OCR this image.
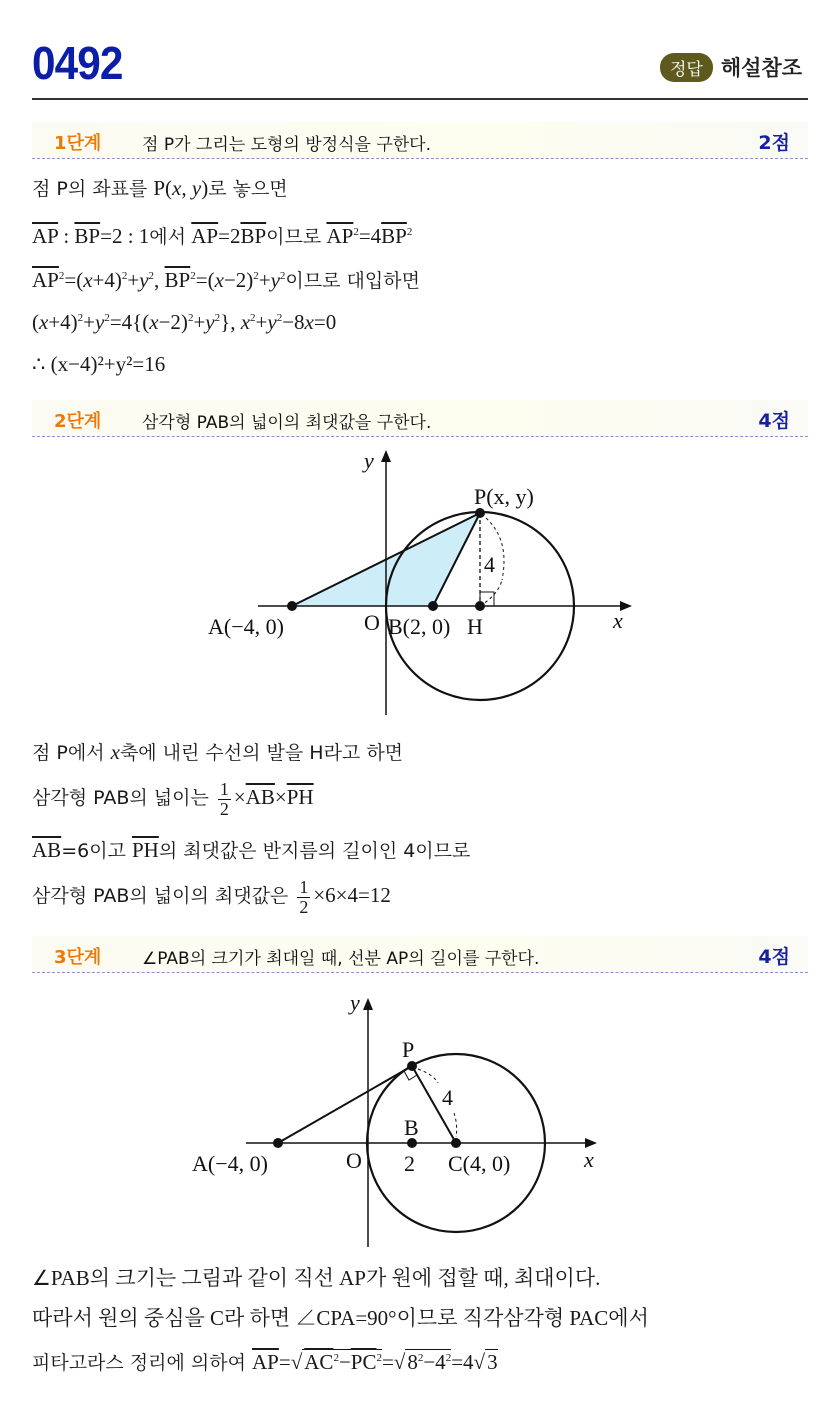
0492	정답 해설참조
1단계 점 P가 그리는 도형의 방정식을 구한다.	2점
점 P의 좌표를 P(x, y)로 놓으면
$\overline{AP}$ : $\overline{BP}=2$ : 1에서 $\overline{AP}=2\overline{BP}$이므로 $\overline{AP}^2=4\overline{BP}^2$
$\overline{AP}^2=(x+4)^2+y^2$, $\overline{BP}^2=(x-2)^2+y^2$이므로 대입하면
$(x+4)^2+y^2=4\{(x-2)^2+y^2\}$, $x^2+y^2-8x=0$
∴ (x−4)²+y²=16
2단계 삼각형 PAB의 넓이의 최댓값을 구한다.	4점
y
x
P(x, y)
A(−4, 0)	O B(2, 0) H
4
점 P에서 x축에 내린 수선의 발을 H라고 하면
삼각형 PAB의 넓이는 $\frac{1}{2} \times\overline{AB}\times\overline{PH}$
$\overline{AB}=6$이고 $\overline{PH}$의 최댓값은 반지름의 길이인 4이므로
삼각형 PAB의 넓이의 최댓값은 $\frac{1}{2} \times 6\times 4=12$
3단계 ∠PAB의 크기가 최대일 때, 선분 AP의 길이를 구한다.	4점
y
x
P
A(−4, 0)	O
B
2 C(4, 0)
4
∠PAB의 크기는 그림과 같이 직선 AP가 원에 접할 때, 최대이다.
따라서 원의 중심을 C라 하면 ∠CPA=90°이므로 직각삼각형 PAC에서
피타고라스 정리에 의하여 $\overline{AP}=√AC^2-\overline{PC}^2=√8^2-4^2=4√3$
